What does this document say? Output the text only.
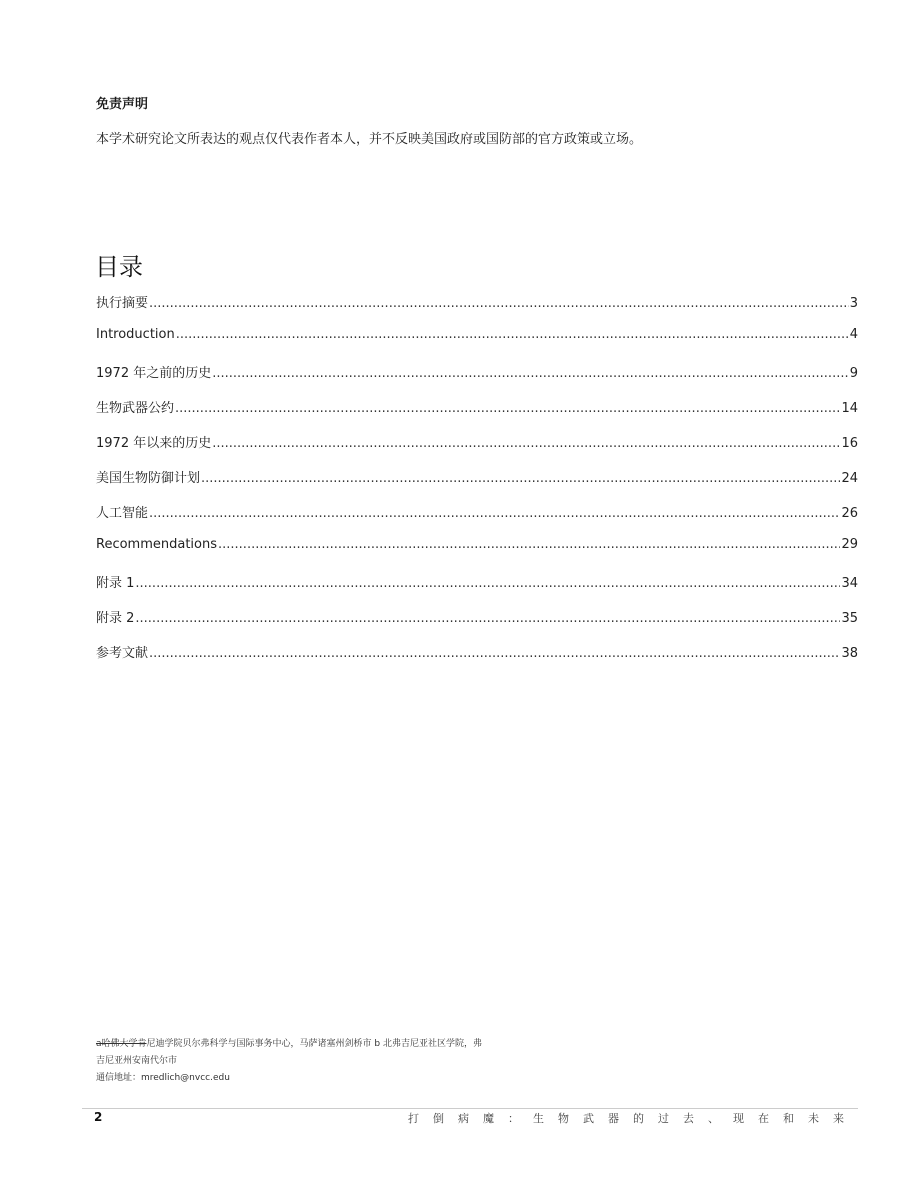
免责声明
本学术研究论文所表达的观点仅代表作者本人，并不反映美国政府或国防部的官方政策或立场。
目录
执行摘要 .....	3
Introduction .....	4
1972 年之前的历史 .....	9
生物武器公约 .....	14
1972 年以来的历史 .....	16
美国生物防御计划 .....	24
人工智能 .....	26
Recommendations .....	29
附录 1 .....	34
附录 2 .....	35
参考文献 .....	38
a哈佛大学肯尼迪学院贝尔弗科学与国际事务中心，马萨诸塞州剑桥市 b 北弗吉尼亚社区学院，弗
吉尼亚州安南代尔市
通信地址：mredlich@nvcc.edu
2	打倒病魔：生物武器的过去、现在和未来
